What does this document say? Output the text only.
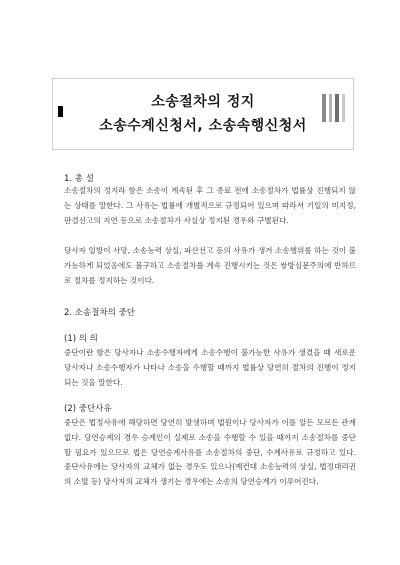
소송절차의 정지
소송수계신청서, 소송속행신청서
1. 총 설
소송절차의 정지라 함은 소송이 계속된 후 그 종료 전에 소송절차가 법률상 진행되지 않는 상태를 말한다. 그 사유는 법률에 개별적으로 규정되어 있으며 따라서 기일의 미지정, 판결선고의 지연 등으로 소송절차가 사실상 정지된 경우와 구별된다.
당사자 일방이 사망, 소송능력 상실, 파산선고 등의 사유가 생겨 소송행위를 하는 것이 불가능하게 되었음에도 불구하고 소송절차를 계속 진행시키는 것은 쌍방심문주의에 반하므로 절차를 정지하는 것이다.
2. 소송절차의 중단
(1) 의 의
중단이란 함은 당사자나 소송수행자에게 소송수행이 불가능한 사유가 생겼을 때 새로운 당사자나 소송수행자가 나타나 소송을 수행할 때까지 법률상 당연히 절차의 진행이 정지되는 것을 말한다.
(2) 중단사유
중단은 법정사유에 해당하면 당연히 발생하며 법원이나 당사자가 이를 알든 모르든 관계없다. 당연승계의 경우 승계인이 실제로 소송을 수행할 수 있을 때까지 소송절차를 중단할 필요가 있으므로 법은 당연승계사유를 소송절차의 중단, 수계사유로 규정하고 있다. 중단사유에는 당사자의 교체가 없는 경우도 있으나(예컨대 소송능력의 상실, 법정대리권의 소멸 등) 당사자의 교체가 생기는 경우에는 소송의 당연승계가 이루어진다.
